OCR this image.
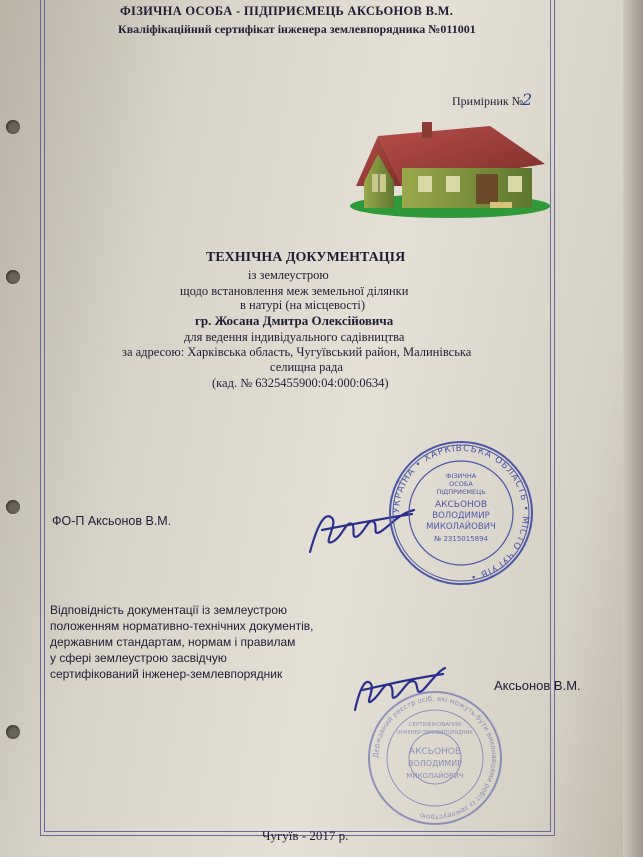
ФІЗИЧНА ОСОБА - ПІДПРИЄМЕЦЬ АКСЬОНОВ В.М.
Кваліфікаційний сертифікат інженера землевпорядника №011001
Примірник №
2
ТЕХНІЧНА ДОКУМЕНТАЦІЯ
із землеустрою
щодо встановлення меж земельної ділянки
в натурі (на місцевості)
гр. Жосана Дмитра Олексійовича
для ведення індивідуального садівництва
за адресою: Харківська область, Чугуївський район, Малинівська
селищна рада
(кад. № 6325455900:04:000:0634)
ФО-П Аксьонов В.М.
УКРАЇНА • ХАРКІВСЬКА ОБЛАСТЬ • МІСТО ЧУГУЇВ •
ФІЗИЧНА
ОСОБА
ПІДПРИЄМЕЦЬ
АКСЬОНОВ
ВОЛОДИМИР
МИКОЛАЙОВИЧ
№ 2315015894
Відповідність документації із землеустрою
положенням нормативно-технічних документів,
державним стандартам, нормам і правилам
у сфері землеустрою засвідчую
сертифікований інженер-землевпорядник
Аксьонов В.М.
Державний реєстр осіб, які можуть бути виконавцями робіт із землеустрою
СЕРТИФІКОВАНИЙ
ІНЖЕНЕР-ЗЕМЛЕВПОРЯДНИК
АКСЬОНОВ
ВОЛОДИМИР
МИКОЛАЙОВИЧ
Чугуїв - 2017 р.
